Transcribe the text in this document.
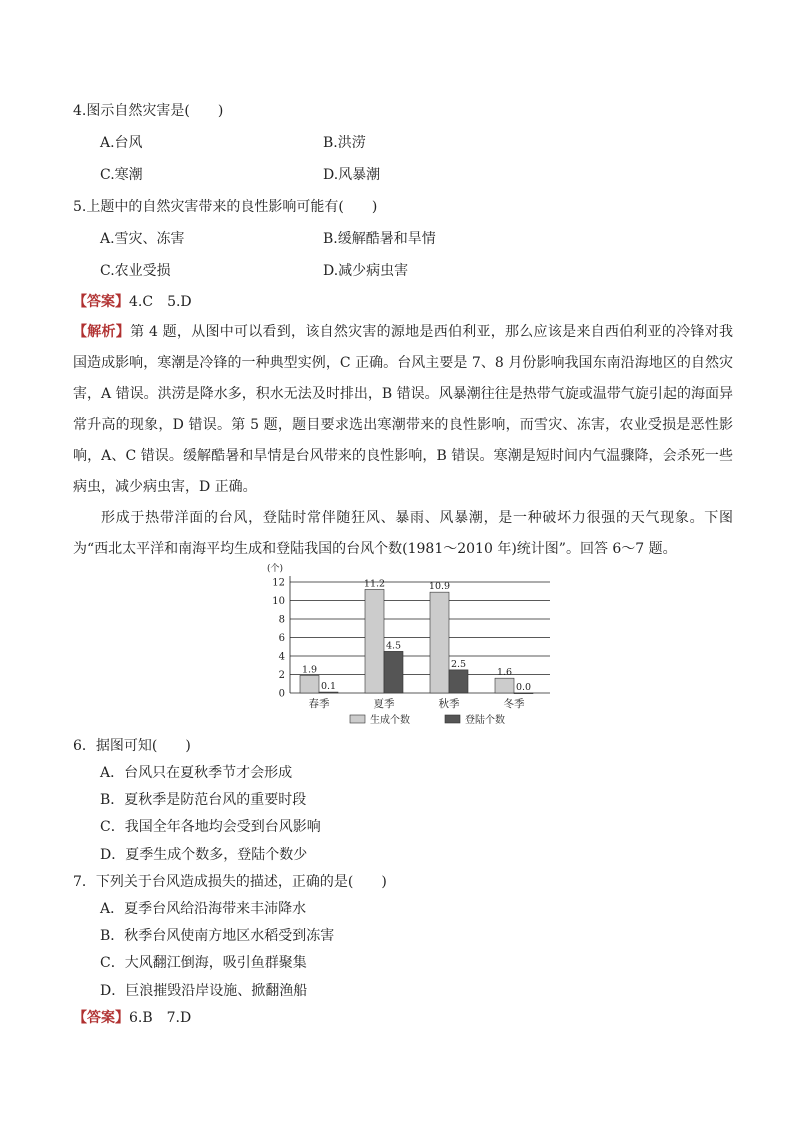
4.图示自然灾害是(　　)
A.台风	B.洪涝
C.寒潮	D.风暴潮
5.上题中的自然灾害带来的良性影响可能有(　　)
A.雪灾、冻害	B.缓解酷暑和旱情
C.农业受损	D.减少病虫害
【答案】4.C　5.D
【解析】第 4 题，从图中可以看到，该自然灾害的源地是西伯利亚，那么应该是来自西伯利亚的冷锋对我国造成影响，寒潮是冷锋的一种典型实例，C 正确。台风主要是 7、8 月份影响我国东南沿海地区的自然灾害，A 错误。洪涝是降水多，积水无法及时排出，B 错误。风暴潮往往是热带气旋或温带气旋引起的海面异常升高的现象，D 错误。第 5 题，题目要求选出寒潮带来的良性影响，而雪灾、冻害，农业受损是恶性影响，A、C 错误。缓解酷暑和旱情是台风带来的良性影响，B 错误。寒潮是短时间内气温骤降，会杀死一些病虫，减少病虫害，D 正确。
形成于热带洋面的台风，登陆时常伴随狂风、暴雨、风暴潮，是一种破坏力很强的天气现象。下图为“西北太平洋和南海平均生成和登陆我国的台风个数(1981～2010 年)统计图”。回答 6～7 题。
1.9
0.1
11.2
4.5
10.9
2.5
1.6
0.0
(个)
0
2
4
6
8
10
12
春季	夏季	秋季	冬季
生成个数	登陆个数
6．据图可知(　　)
A．台风只在夏秋季节才会形成
B．夏秋季是防范台风的重要时段
C．我国全年各地均会受到台风影响
D．夏季生成个数多，登陆个数少
7．下列关于台风造成损失的描述，正确的是(　　)
A．夏季台风给沿海带来丰沛降水
B．秋季台风使南方地区水稻受到冻害
C．大风翻江倒海，吸引鱼群聚集
D．巨浪摧毁沿岸设施、掀翻渔船
【答案】6.B　7.D
